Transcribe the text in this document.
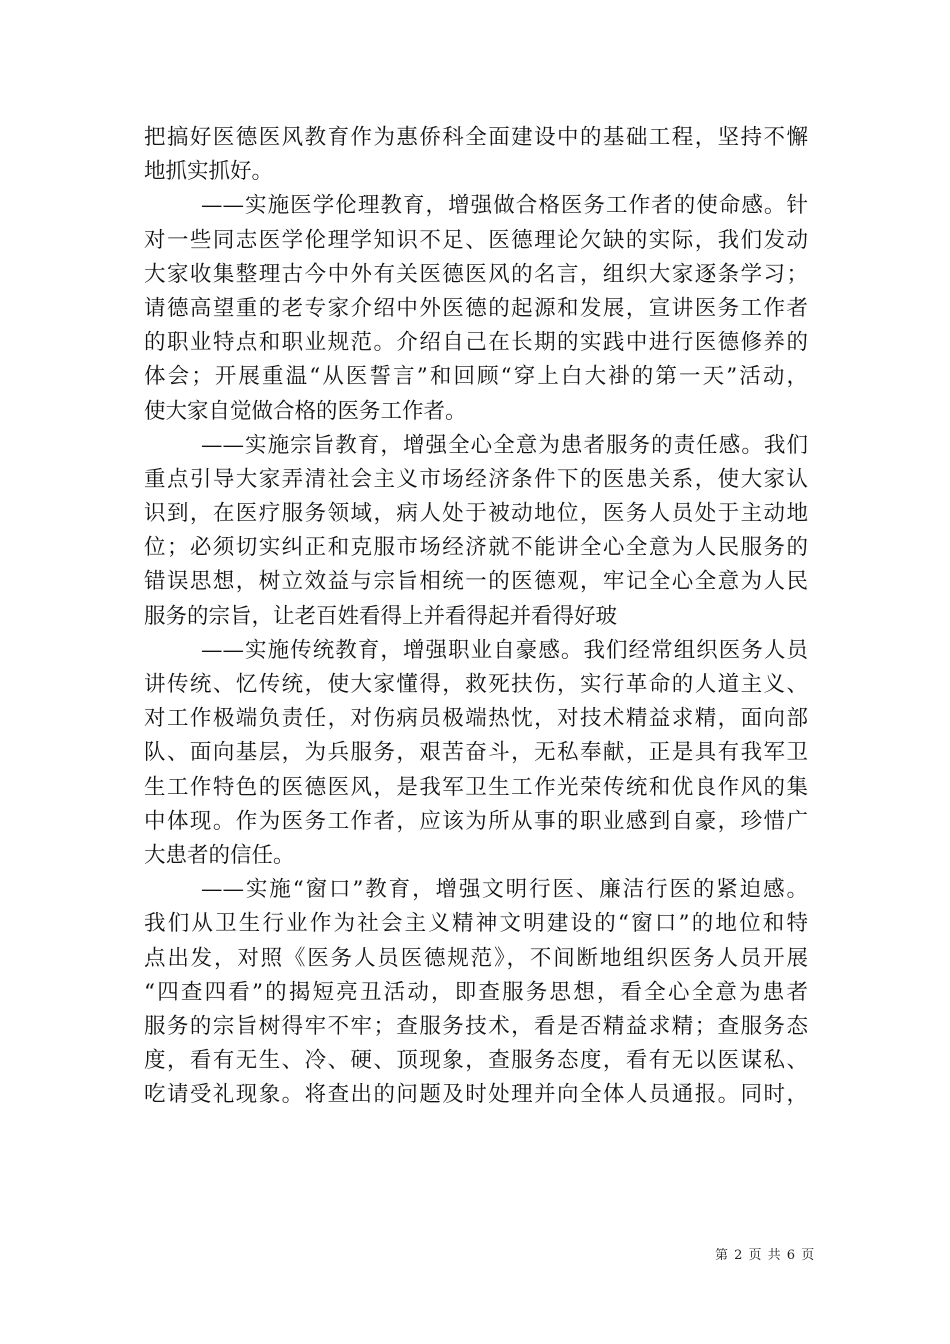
把搞好医德医风教育作为惠侨科全面建设中的基础工程，坚持不懈
地抓实抓好。
——实施医学伦理教育，增强做合格医务工作者的使命感。针
对一些同志医学伦理学知识不足、医德理论欠缺的实际，我们发动
大家收集整理古今中外有关医德医风的名言，组织大家逐条学习；
请德高望重的老专家介绍中外医德的起源和发展，宣讲医务工作者
的职业特点和职业规范。介绍自己在长期的实践中进行医德修养的
体会；开展重温“从医誓言”和回顾“穿上白大褂的第一天”活动，
使大家自觉做合格的医务工作者。
——实施宗旨教育，增强全心全意为患者服务的责任感。我们
重点引导大家弄清社会主义市场经济条件下的医患关系，使大家认
识到，在医疗服务领域，病人处于被动地位，医务人员处于主动地
位；必须切实纠正和克服市场经济就不能讲全心全意为人民服务的
错误思想，树立效益与宗旨相统一的医德观，牢记全心全意为人民
服务的宗旨，让老百姓看得上并看得起并看得好玻
——实施传统教育，增强职业自豪感。我们经常组织医务人员
讲传统、忆传统，使大家懂得，救死扶伤，实行革命的人道主义、
对工作极端负责任，对伤病员极端热忱，对技术精益求精，面向部
队、面向基层，为兵服务，艰苦奋斗，无私奉献，正是具有我军卫
生工作特色的医德医风，是我军卫生工作光荣传统和优良作风的集
中体现。作为医务工作者，应该为所从事的职业感到自豪，珍惜广
大患者的信任。
——实施“窗口”教育，增强文明行医、廉洁行医的紧迫感。
我们从卫生行业作为社会主义精神文明建设的“窗口”的地位和特
点出发，对照《医务人员医德规范》，不间断地组织医务人员开展
“四查四看”的揭短亮丑活动，即查服务思想，看全心全意为患者
服务的宗旨树得牢不牢；查服务技术，看是否精益求精；查服务态
度，看有无生、冷、硬、顶现象，查服务态度，看有无以医谋私、
吃请受礼现象。将查出的问题及时处理并向全体人员通报。同时，
第 2 页 共 6 页
